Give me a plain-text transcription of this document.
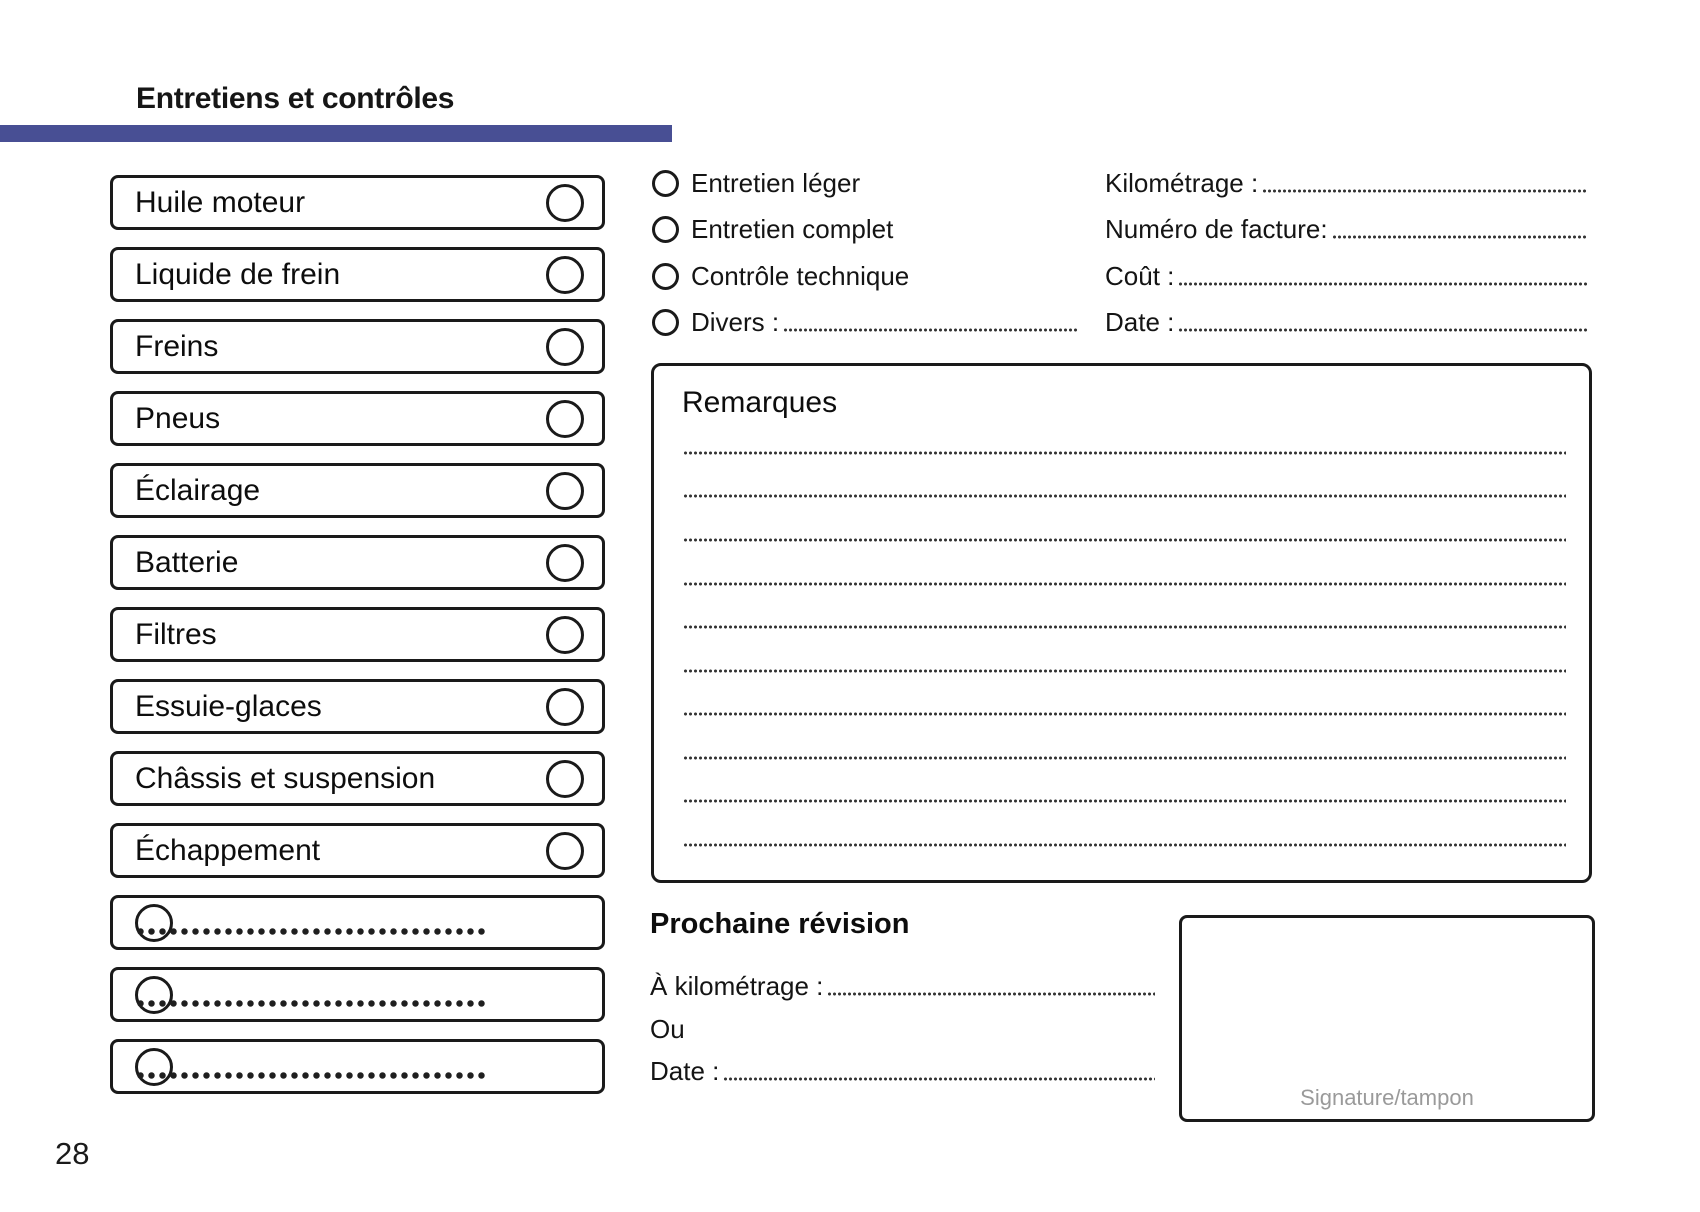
Entretiens et contrôles
Huile moteur
Liquide de frein
Freins
Pneus
Éclairage
Batterie
Filtres
Essuie-glaces
Châssis et suspension
Échappement
Entretien léger
Entretien complet
Contrôle technique
Divers :
Kilométrage :
Numéro de facture:
Coût :
Date :
Remarques
Prochaine révision
À kilométrage :
Ou
Date :
Signature/tampon
28
